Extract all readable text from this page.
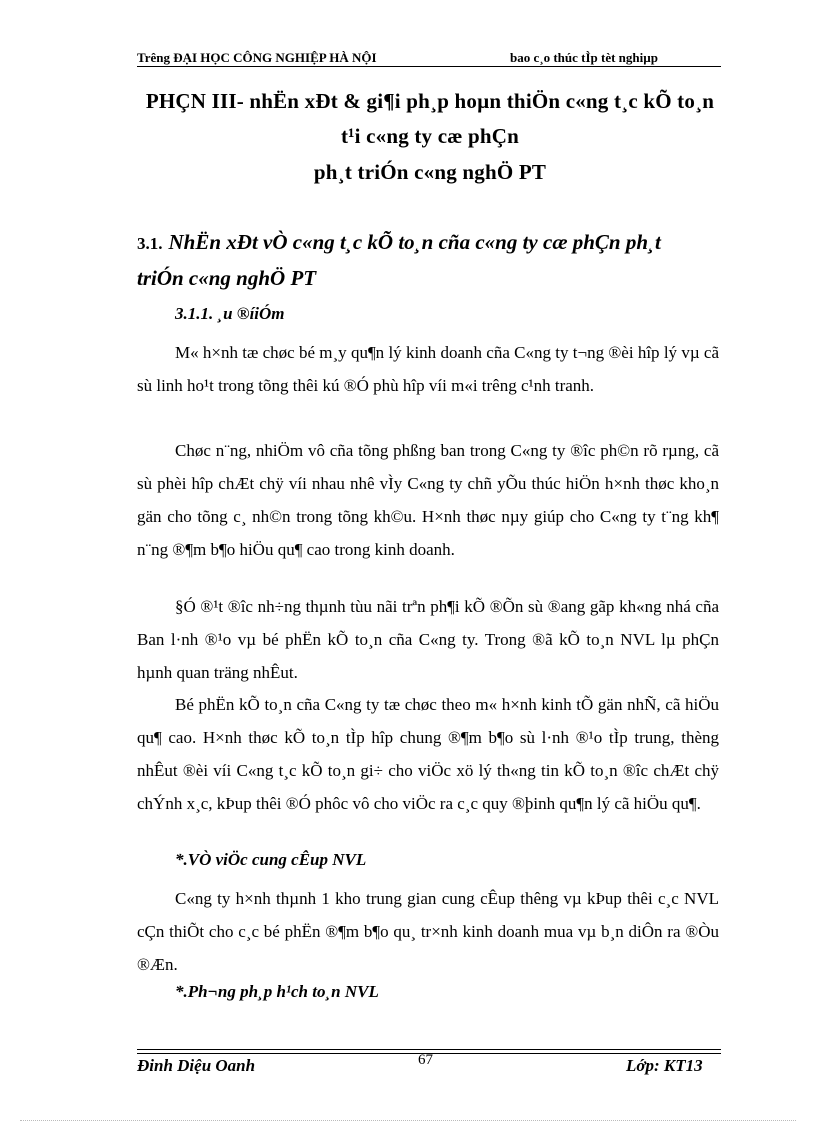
Trêng ĐẠI HỌC CÔNG NGHIỆP HÀ NỘI	bao c¸o thúc tÌp tèt nghiµp
PHÇN III- nhËn xÐt & gi¶i ph¸p hoµn thiÖn c«ng t¸c kÕ to¸n
t¹i c«ng ty cæ phÇn
ph¸t triÓn c«ng nghÖ PT
3.1. NhËn xÐt vÒ c«ng t¸c kÕ to¸n cña c«ng ty cæ phÇn ph¸t
triÓn c«ng nghÖ PT
3.1.1. ¸u ®íiÓm

M« h×nh tæ chøc bé m¸y qu¶n lý kinh doanh cña C«ng ty t¬ng ®èi hîp lý vµ cã sù linh ho¹t trong tõng thêi kú ®Ó phù hîp víi m«i trêng c¹nh tranh.

Chøc n¨ng, nhiÖm vô cña tõng phßng ban trong C«ng ty ®îc ph©n rõ rµng, cã sù phèi hîp chÆt chÿ víi nhau nhê vÌy C«ng ty chñ yÕu thúc hiÖn h×nh thøc kho¸n gän cho tõng c¸ nh©n trong tõng kh©u. H×nh thøc nµy giúp cho C«ng ty t¨ng kh¶ n¨ng ®¶m b¶o hiÖu qu¶ cao trong kinh doanh.

§Ó ®¹t ®îc nh÷ng thµnh tùu nãi trªn ph¶i kÕ ®Õn sù ®ang gãp kh«ng nhá cña Ban l·nh ®¹o vµ bé phËn kÕ to¸n cña C«ng ty. Trong ®ã kÕ to¸n NVL lµ phÇn hµnh quan träng nhÊut.

Bé phËn kÕ to¸n cña C«ng ty tæ chøc theo m« h×nh kinh tÕ gän nhÑ, cã hiÖu qu¶ cao. H×nh thøc kÕ to¸n tÌp hîp chung ®¶m b¶o sù l·nh ®¹o tÌp trung, thèng nhÊut ®èi víi C«ng t¸c kÕ to¸n gi÷ cho viÖc xö lý th«ng tin kÕ to¸n ®îc chÆt chÿ chÝnh x¸c, kÞup thêi ®Ó phôc vô cho viÖc ra c¸c quy ®þinh qu¶n lý cã hiÖu qu¶.

*.VÒ viÖc cung cÊup NVL

C«ng ty h×nh thµnh 1 kho trung gian cung cÊup thêng vµ kÞup thêi c¸c NVL cÇn thiÕt cho c¸c bé phËn ®¶m b¶o qu¸ tr×nh kinh doanh mua vµ b¸n diÔn ra ®Òu ®Æn.

*.Ph¬ng ph¸p h¹ch to¸n NVL
Đinh Diệu Oanh	67	Lớp: KT13
